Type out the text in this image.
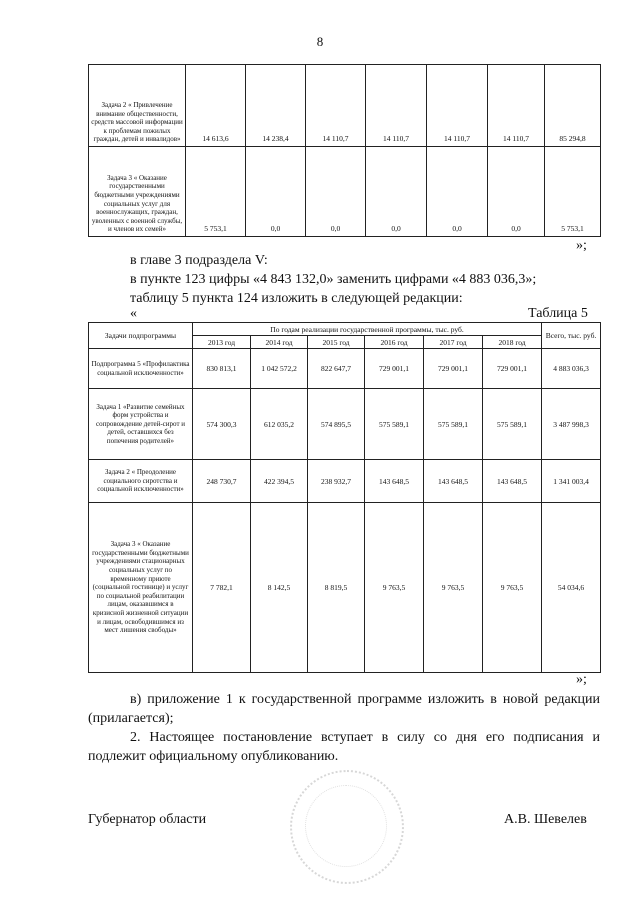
8
Задача 2 « Привлечение внимание общественности, средств массовой информации к проблемам пожилых граждан, детей и инвалидов»	14 613,6	14 238,4	14 110,7	14 110,7	14 110,7	14 110,7	85 294,8
Задача 3 « Оказание государственными бюджетными учреждениями социальных услуг для военнослужащих, граждан, уволенных с военной службы, и членов их семей»	5 753,1	0,0	0,0	0,0	0,0	0,0	5 753,1
»;
в главе 3 подраздела V:
в пункте 123 цифры «4 843 132,0» заменить цифрами «4 883 036,3»;
таблицу 5 пункта 124 изложить в следующей редакции:
«	Таблица 5
Задачи подпрограммы	По годам реализации государственной программы, тыс. руб.						Всего, тыс. руб.
	2013 год	2014 год	2015 год	2016 год	2017 год	2018 год	
Подпрограмма 5 «Профилактика социальной исключенности»	830 813,1	1 042 572,2	822 647,7	729 001,1	729 001,1	729 001,1	4 883 036,3
Задача 1 «Развитие семейных форм устройства и сопровождение детей-сирот и детей, оставшихся без попечения родителей»	574 300,3	612 035,2	574 895,5	575 589,1	575 589,1	575 589,1	3 487 998,3
Задача 2 « Преодоление социального сиротства и социальной исключенности»	248 730,7	422 394,5	238 932,7	143 648,5	143 648,5	143 648,5	1 341 003,4
Задача 3 « Оказание государственными бюджетными учреждениями стационарных социальных услуг по временному приюте (социальной гостинице) и услуг по социальной реабилитации лицам, оказавшимся в кризисной жизненной ситуации и лицам, освободившимся из мест лишения свободы»	7 782,1	8 142,5	8 819,5	9 763,5	9 763,5	9 763,5	54 034,6
»;
в) приложение 1 к государственной программе изложить в новой редакции (прилагается);
2. Настоящее постановление вступает в силу со дня его подписания и подлежит официальному опубликованию.
Губернатор области	А.В. Шевелев
